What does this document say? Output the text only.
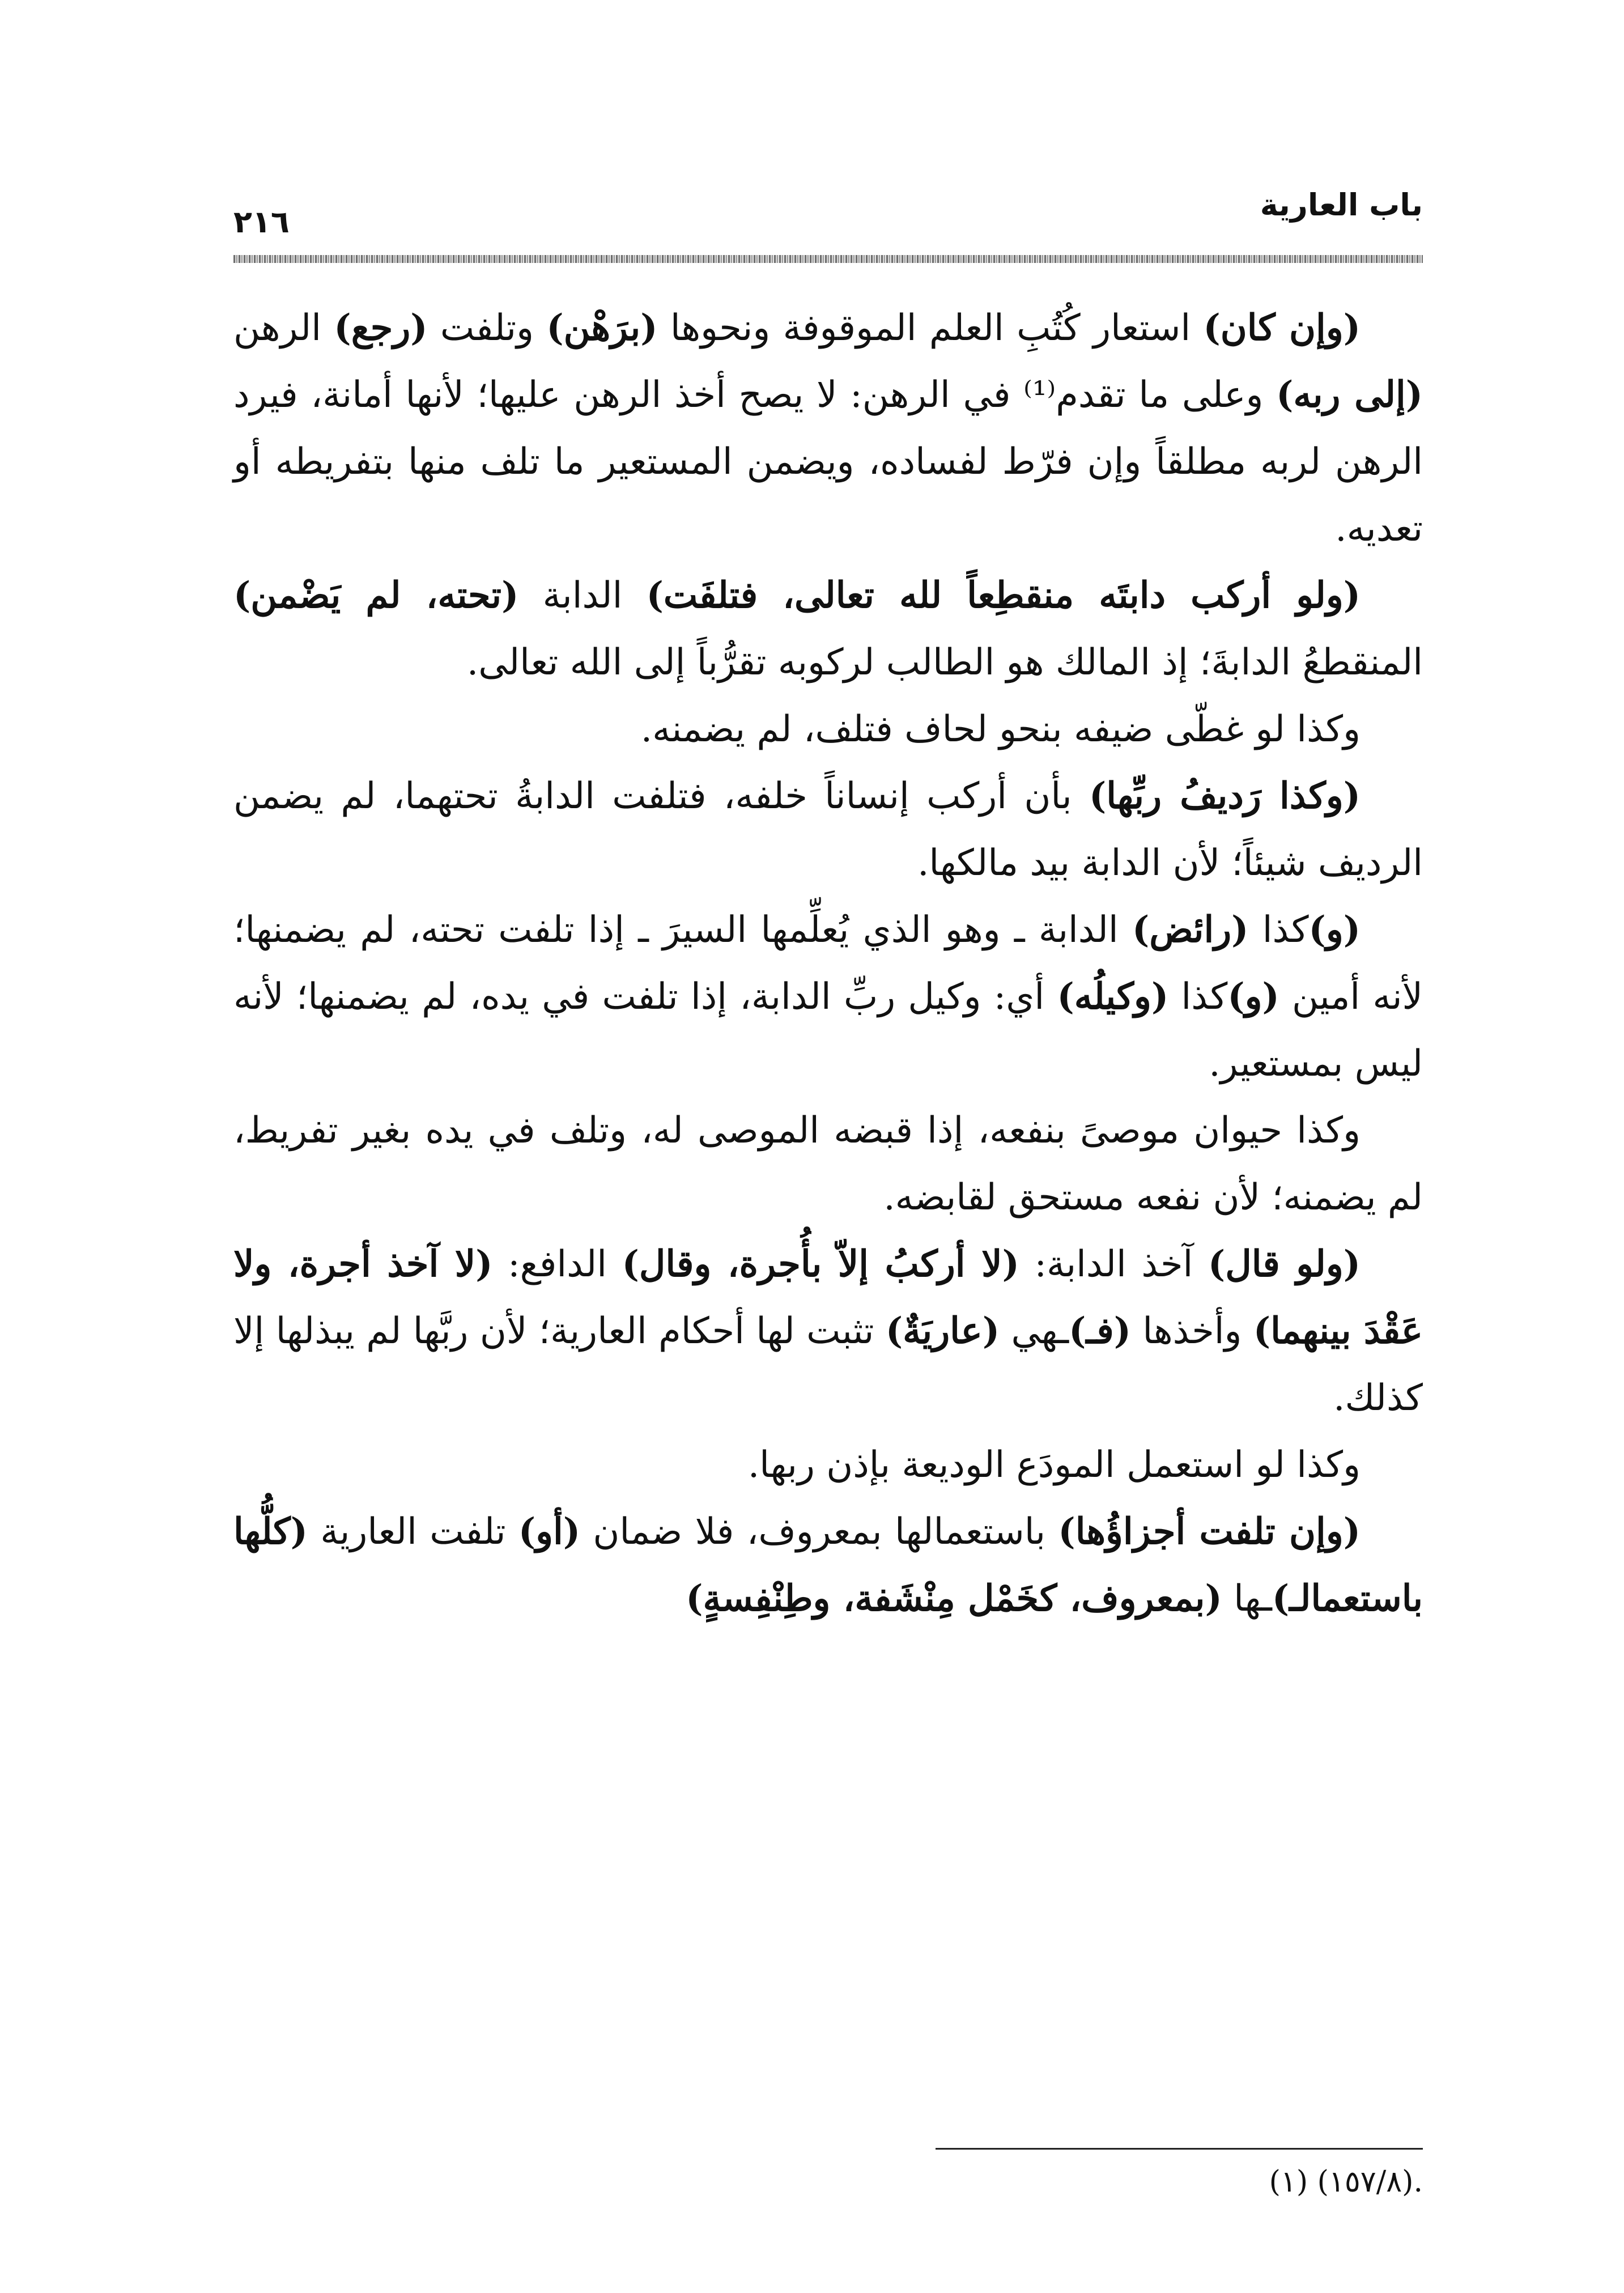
باب العارية
٢١٦

(وإن كان) استعار كُتُبِ العلم الموقوفة ونحوها (برَهْن) وتلفت (رجع) الرهن (إلى ربه) وعلى ما تقدم⁽¹⁾ في الرهن: لا يصح أخذ الرهن عليها؛ لأنها أمانة، فيرد الرهن لربه مطلقاً وإن فرّط لفساده، ويضمن المستعير ما تلف منها بتفريطه أو تعديه.

(ولو أركب دابتَه منقطِعاً لله تعالى، فتلفَت) الدابة (تحته، لم يَضْمن) المنقطعُ الدابةَ؛ إذ المالك هو الطالب لركوبه تقرُّباً إلى الله تعالى.

وكذا لو غطّى ضيفه بنحو لحاف فتلف، لم يضمنه.

(وكذا رَديفُ ربِّها) بأن أركب إنساناً خلفه، فتلفت الدابةُ تحتهما، لم يضمن الرديف شيئاً؛ لأن الدابة بيد مالكها.

(و)كذا (رائض) الدابة ـ وهو الذي يُعلِّمها السيرَ ـ إذا تلفت تحته، لم يضمنها؛ لأنه أمين (و)كذا (وكيلُه) أي: وكيل ربِّ الدابة، إذا تلفت في يده، لم يضمنها؛ لأنه ليس بمستعير.

وكذا حيوان موصىً بنفعه، إذا قبضه الموصى له، وتلف في يده بغير تفريط، لم يضمنه؛ لأن نفعه مستحق لقابضه.

(ولو قال) آخذ الدابة: (لا أركبُ إلاّ بأُجرة، وقال) الدافع: (لا آخذ أجرة، ولا عَقْدَ بينهما) وأخذها (فـ)ـهي (عاريَةٌ) تثبت لها أحكام العارية؛ لأن ربَّها لم يبذلها إلا كذلك.

وكذا لو استعمل المودَع الوديعة بإذن ربها.

(وإن تلفت أجزاؤُها) باستعمالها بمعروف، فلا ضمان (أو) تلفت العارية (كلُّها باستعمالـ)ـها (بمعروف، كخَمْل مِنْشَفة، وطِنْفِسةٍ)

.(١٥٧/٨) (١)
